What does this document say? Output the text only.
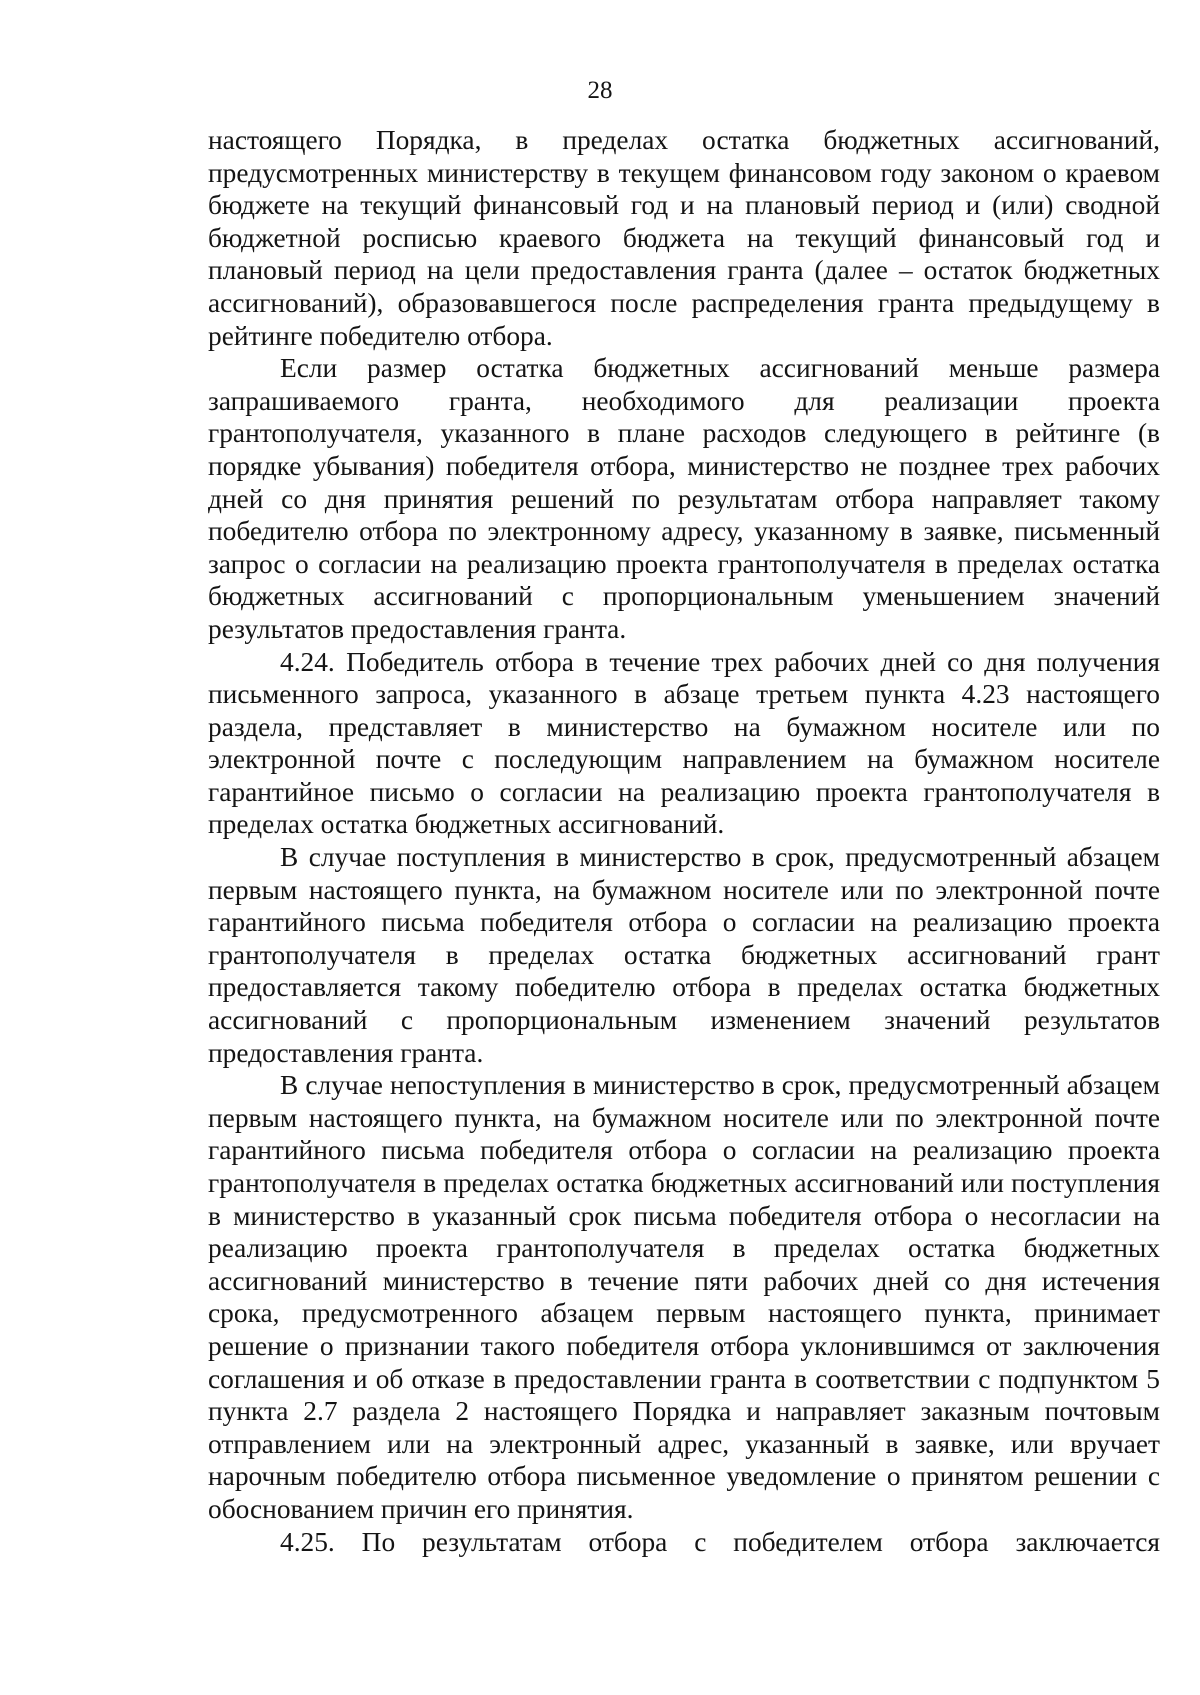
28

настоящего Порядка, в пределах остатка бюджетных ассигнований, предусмотренных министерству в текущем финансовом году законом о краевом бюджете на текущий финансовый год и на плановый период и (или) сводной бюджетной росписью краевого бюджета на текущий финансовый год и плановый период на цели предоставления гранта (далее – остаток бюджетных ассигнований), образовавшегося после распределения гранта предыдущему в рейтинге победителю отбора.

Если размер остатка бюджетных ассигнований меньше размера запрашиваемого гранта, необходимого для реализации проекта грантополучателя, указанного в плане расходов следующего в рейтинге (в порядке убывания) победителя отбора, министерство не позднее трех рабочих дней со дня принятия решений по результатам отбора направляет такому победителю отбора по электронному адресу, указанному в заявке, письменный запрос о согласии на реализацию проекта грантополучателя в пределах остатка бюджетных ассигнований с пропорциональным уменьшением значений результатов предоставления гранта.

4.24. Победитель отбора в течение трех рабочих дней со дня получения письменного запроса, указанного в абзаце третьем пункта 4.23 настоящего раздела, представляет в министерство на бумажном носителе или по электронной почте с последующим направлением на бумажном носителе гарантийное письмо о согласии на реализацию проекта грантополучателя в пределах остатка бюджетных ассигнований.

В случае поступления в министерство в срок, предусмотренный абзацем первым настоящего пункта, на бумажном носителе или по электронной почте гарантийного письма победителя отбора о согласии на реализацию проекта грантополучателя в пределах остатка бюджетных ассигнований грант предоставляется такому победителю отбора в пределах остатка бюджетных ассигнований с пропорциональным изменением значений результатов предоставления гранта.

В случае непоступления в министерство в срок, предусмотренный абзацем первым настоящего пункта, на бумажном носителе или по электронной почте гарантийного письма победителя отбора о согласии на реализацию проекта грантополучателя в пределах остатка бюджетных ассигнований или поступления в министерство в указанный срок письма победителя отбора о несогласии на реализацию проекта грантополучателя в пределах остатка бюджетных ассигнований министерство в течение пяти рабочих дней со дня истечения срока, предусмотренного абзацем первым настоящего пункта, принимает решение о признании такого победителя отбора уклонившимся от заключения соглашения и об отказе в предоставлении гранта в соответствии с подпунктом 5 пункта 2.7 раздела 2 настоящего Порядка и направляет заказным почтовым отправлением или на электронный адрес, указанный в заявке, или вручает нарочным победителю отбора письменное уведомление о принятом решении с обоснованием причин его принятия.

4.25. По результатам отбора с победителем отбора заключается
